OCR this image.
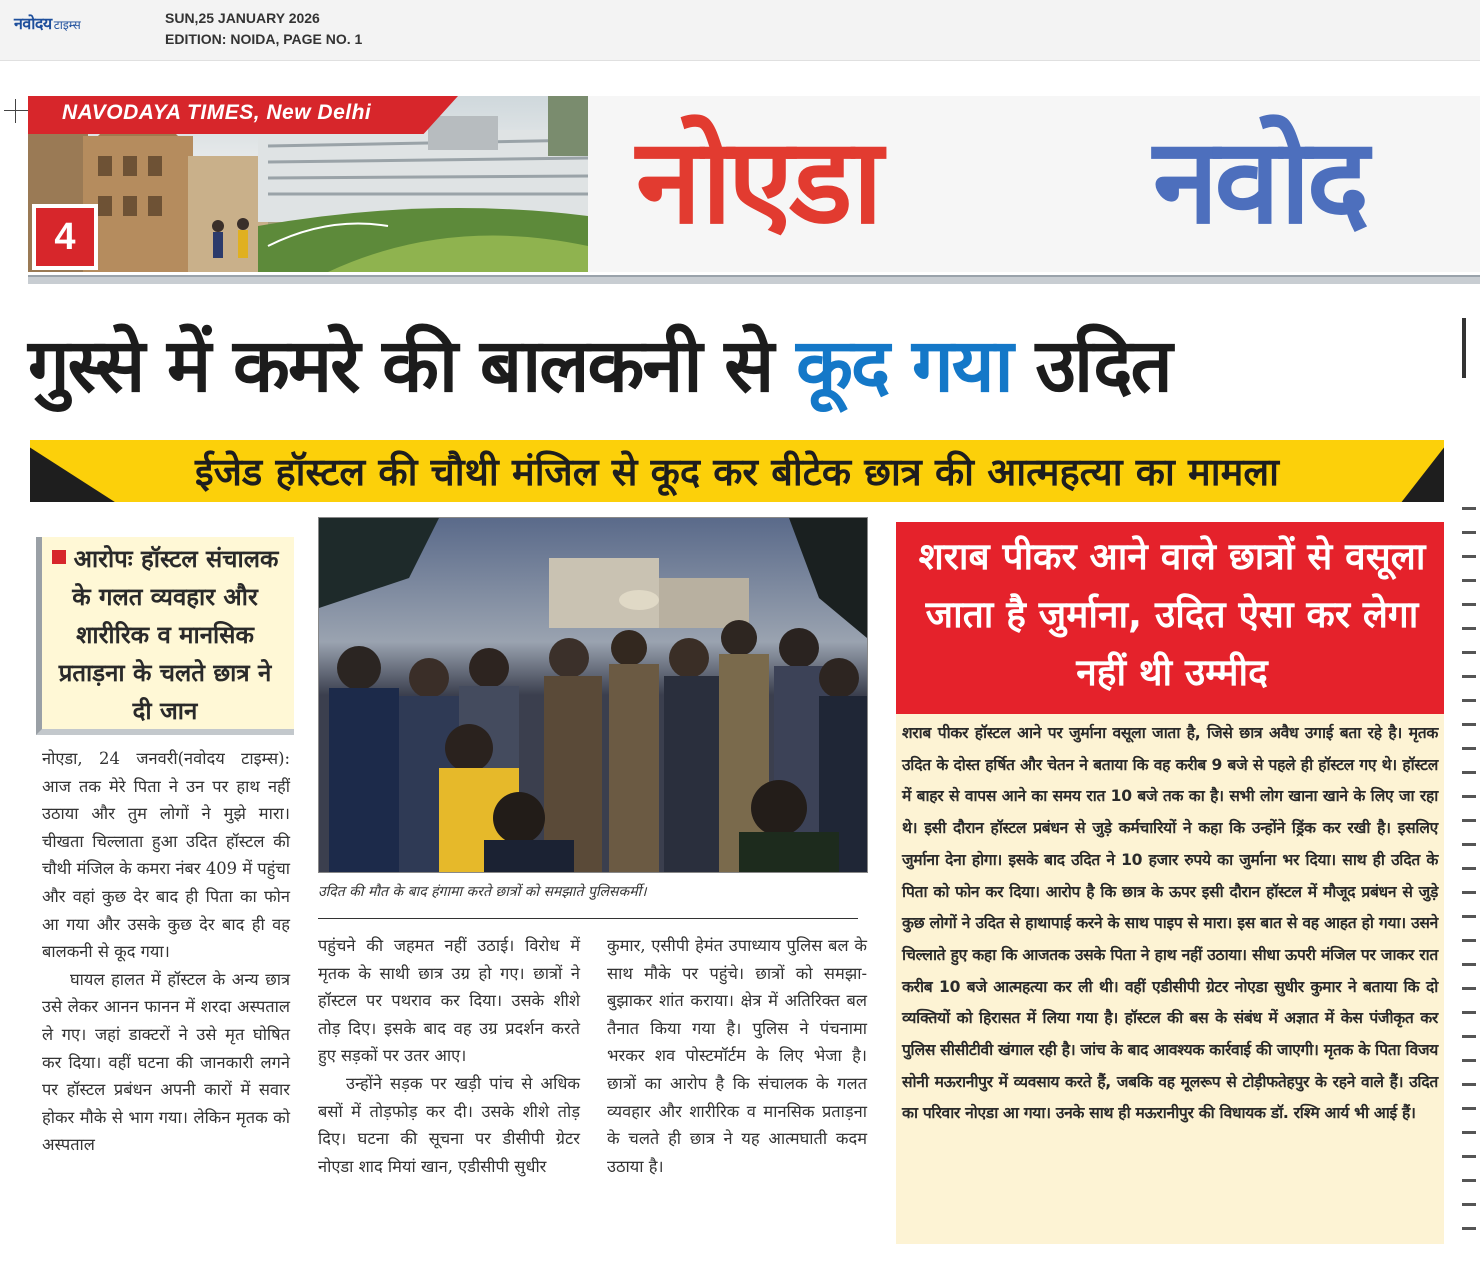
नवोदय टाइम्स	SUN,25 JANUARY 2026
EDITION: NOIDA, PAGE NO. 1
NAVODAYA TIMES, New Delhi
4	नोएडा नवोद
गुस्से में कमरे की बालकनी से कूद गया उदित
ईजेड हॉस्टल की चौथी मंजिल से कूद कर बीटेक छात्र की आत्महत्या का मामला
आरोपः हॉस्टल संचालक के गलत व्यवहार और शारीरिक व मानसिक प्रताड़ना के चलते छात्र ने दी जान

नोएडा, 24 जनवरी(नवोदय टाइम्स): आज तक मेरे पिता ने उन पर हाथ नहीं उठाया और तुम लोगों ने मुझे मारा। चीखता चिल्लाता हुआ उदित हॉस्टल की चौथी मंजिल के कमरा नंबर 409 में पहुंचा और वहां कुछ देर बाद ही पिता का फोन आ गया और उसके कुछ देर बाद ही वह बालकनी से कूद गया।

घायल हालत में हॉस्टल के अन्य छात्र उसे लेकर आनन फानन में शरदा अस्पताल ले गए। जहां डाक्टरों ने उसे मृत घोषित कर दिया। वहीं घटना की जानकारी लगने पर हॉस्टल प्रबंधन अपनी कारों में सवार होकर मौके से भाग गया। लेकिन मृतक को अस्पताल

उदित की मौत के बाद हंगामा करते छात्रों को समझाते पुलिसकर्मी।

पहुंचने की जहमत नहीं उठाई। विरोध में मृतक के साथी छात्र उग्र हो गए। छात्रों ने हॉस्टल पर पथराव कर दिया। उसके शीशे तोड़ दिए। इसके बाद वह उग्र प्रदर्शन करते हुए सड़कों पर उतर आए।

उन्होंने सड़क पर खड़ी पांच से अधिक बसों में तोड़फोड़ कर दी। उसके शीशे तोड़ दिए। घटना की सूचना पर डीसीपी ग्रेटर नोएडा शाद मियां खान, एडीसीपी सुधीर

कुमार, एसीपी हेमंत उपाध्याय पुलिस बल के साथ मौके पर पहुंचे। छात्रों को समझा-बुझाकर शांत कराया। क्षेत्र में अतिरिक्त बल तैनात किया गया है। पुलिस ने पंचनामा भरकर शव पोस्टमॉर्टम के लिए भेजा है। छात्रों का आरोप है कि संचालक के गलत व्यवहार और शारीरिक व मानसिक प्रताड़ना के चलते ही छात्र ने यह आत्मघाती कदम उठाया है।

शराब पीकर आने वाले छात्रों से वसूला जाता है जुर्माना, उदित ऐसा कर लेगा नहीं थी उम्मीद
शराब पीकर हॉस्टल आने पर जुर्माना वसूला जाता है, जिसे छात्र अवैध उगाई बता रहे है। मृतक उदित के दोस्त हर्षित और चेतन ने बताया कि वह करीब 9 बजे से पहले ही हॉस्टल गए थे। हॉस्टल में बाहर से वापस आने का समय रात 10 बजे तक का है। सभी लोग खाना खाने के लिए जा रहा थे। इसी दौरान हॉस्टल प्रबंधन से जुड़े कर्मचारियों ने कहा कि उन्होंने ड्रिंक कर रखी है। इसलिए जुर्माना देना होगा। इसके बाद उदित ने 10 हजार रुपये का जुर्माना भर दिया। साथ ही उदित के पिता को फोन कर दिया। आरोप है कि छात्र के ऊपर इसी दौरान हॉस्टल में मौजूद प्रबंधन से जुड़े कुछ लोगों ने उदित से हाथापाई करने के साथ पाइप से मारा। इस बात से वह आहत हो गया। उसने चिल्लाते हुए कहा कि आजतक उसके पिता ने हाथ नहीं उठाया। सीधा ऊपरी मंजिल पर जाकर रात करीब 10 बजे आत्महत्या कर ली थी। वहीं एडीसीपी ग्रेटर नोएडा सुधीर कुमार ने बताया कि दो व्यक्तियों को हिरासत में लिया गया है। हॉस्टल की बस के संबंध में अज्ञात में केस पंजीकृत कर पुलिस सीसीटीवी खंगाल रही है। जांच के बाद आवश्यक कार्रवाई की जाएगी। मृतक के पिता विजय सोनी मऊरानीपुर में व्यवसाय करते हैं, जबकि वह मूलरूप से टोड़ीफतेहपुर के रहने वाले हैं। उदित का परिवार नोएडा आ गया। उनके साथ ही मऊरानीपुर की विधायक डॉ. रश्मि आर्य भी आई हैं।
